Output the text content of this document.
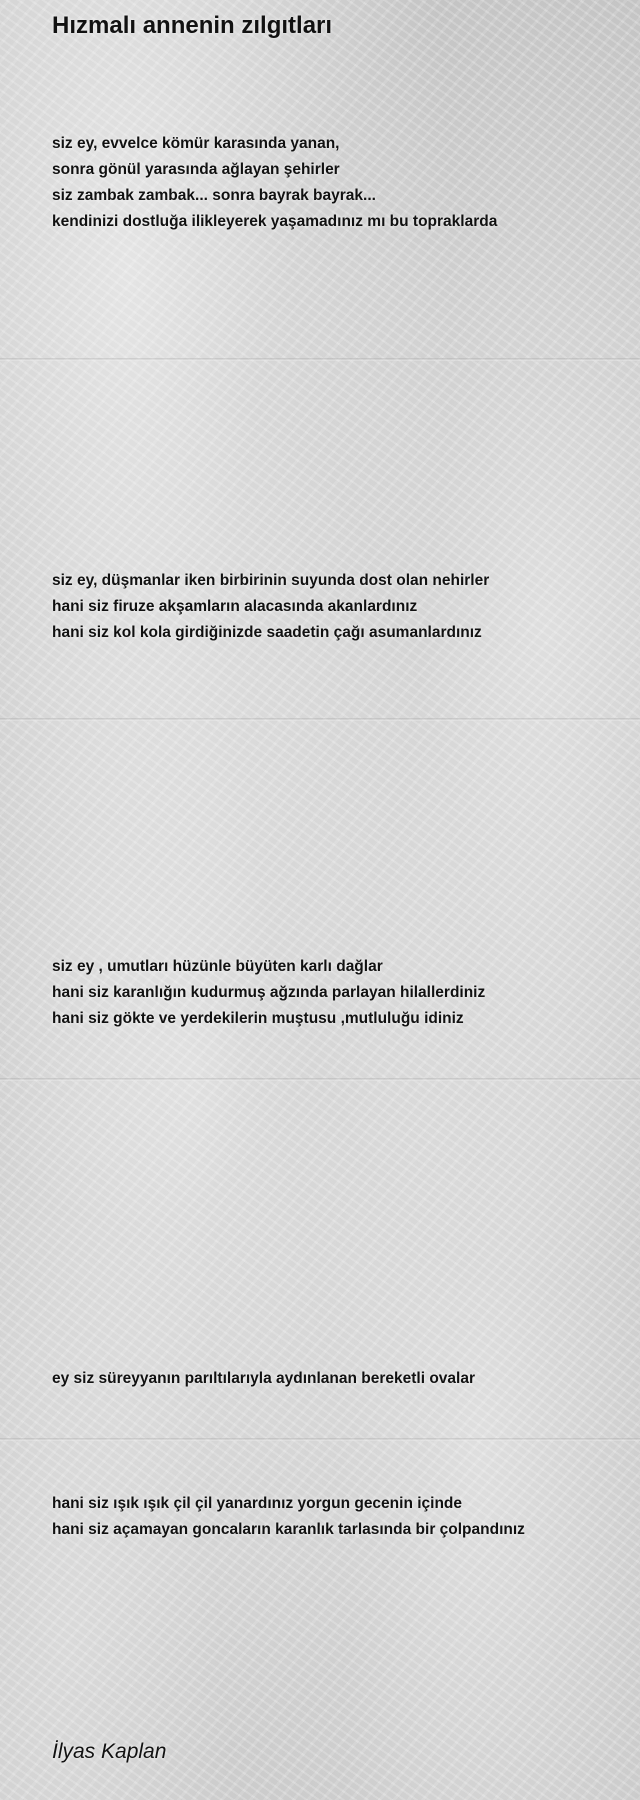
Hızmalı annenin zılgıtları
siz ey, evvelce kömür karasında yanan,
sonra gönül yarasında ağlayan şehirler
siz zambak zambak... sonra bayrak bayrak...
kendinizi dostluğa ilikleyerek yaşamadınız mı bu topraklarda
siz ey, düşmanlar iken birbirinin suyunda dost olan nehirler
hani siz firuze akşamların alacasında akanlardınız
hani siz kol kola girdiğinizde saadetin çağı asumanlardınız
siz ey , umutları hüzünle büyüten karlı dağlar
hani siz karanlığın kudurmuş ağzında parlayan hilallerdiniz
hani siz gökte ve yerdekilerin muştusu ,mutluluğu idiniz
ey siz süreyyanın parıltılarıyla aydınlanan bereketli ovalar
hani siz ışık ışık çil çil yanardınız yorgun gecenin içinde
hani siz açamayan goncaların karanlık tarlasında bir çolpandınız

İlyas Kaplan
